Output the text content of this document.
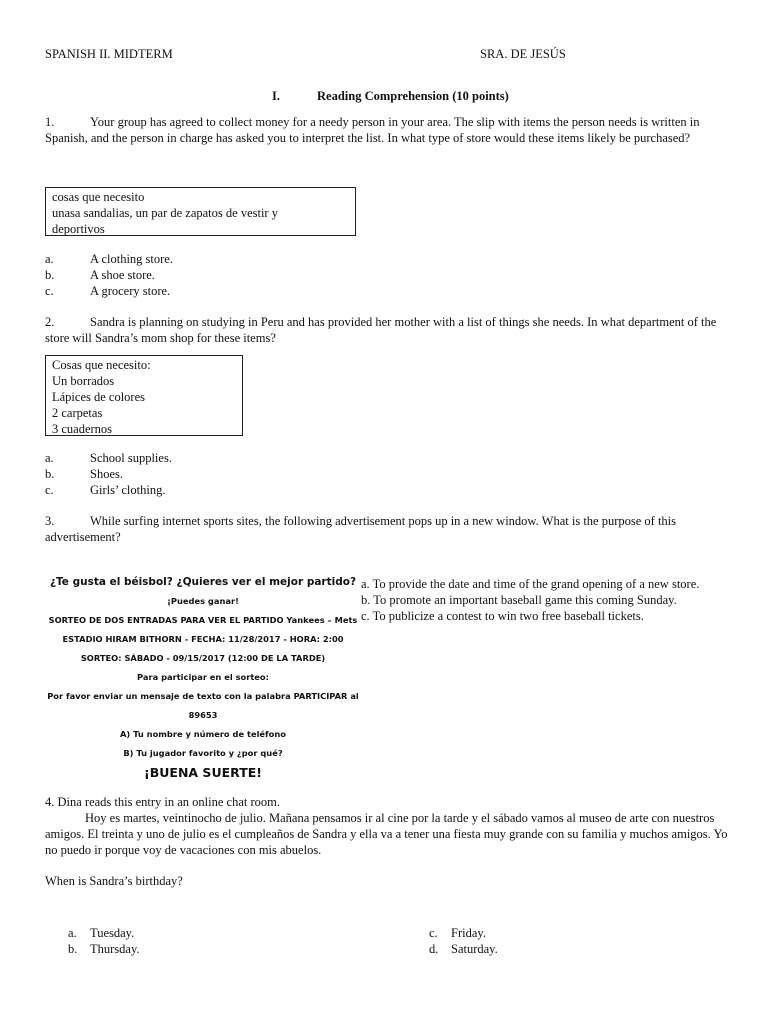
SPANISH II. MIDTERM	SRA. DE JESÚS
I.	Reading Comprehension (10 points)
1.	Your group has agreed to collect money for a needy person in your area. The slip with items the person needs is written in Spanish, and the person in charge has asked you to interpret the list. In what type of store would these items likely be purchased?
cosas que necesito
unasa sandalias, un par de zapatos de vestir y
deportivos
a.	A clothing store.
b.	A shoe store.
c.	A grocery store.
2.	Sandra is planning on studying in Peru and has provided her mother with a list of things she needs. In what department of the store will Sandra’s mom shop for these items?
Cosas que necesito:
Un borrados
Lápices de colores
2 carpetas
3 cuadernos
a.	School supplies.
b.	Shoes.
c.	Girls’ clothing.
3.	While surfing internet sports sites, the following advertisement pops up in a new window. What is the purpose of this advertisement?
¿Te gusta el béisbol? ¿Quieres ver el mejor partido?
¡Puedes ganar!
SORTEO DE DOS ENTRADAS PARA VER EL PARTIDO Yankees – Mets
ESTADIO HIRAM BITHORN - FECHA: 11/28/2017 - HORA: 2:00
SORTEO: SÁBADO - 09/15/2017 (12:00 DE LA TARDE)
Para participar en el sorteo:
Por favor enviar un mensaje de texto con la palabra PARTICIPAR al
89653
A) Tu nombre y número de teléfono
B) Tu jugador favorito y ¿por qué?
¡BUENA SUERTE!
a. To provide the date and time of the grand opening of a new store.
b. To promote an important baseball game this coming Sunday.
c. To publicize a contest to win two free baseball tickets.
4. Dina reads this entry in an online chat room.
Hoy es martes, veintinocho de julio. Mañana pensamos ir al cine por la tarde y el sábado vamos al museo de arte con nuestros amigos. El treinta y uno de julio es el cumpleaños de Sandra y ella va a tener una fiesta muy grande con su familia y muchos amigos. Yo no puedo ir porque voy de vacaciones con mis abuelos.
When is Sandra’s birthday?
a. Tuesday.
b. Thursday.
c. Friday.
d. Saturday.
